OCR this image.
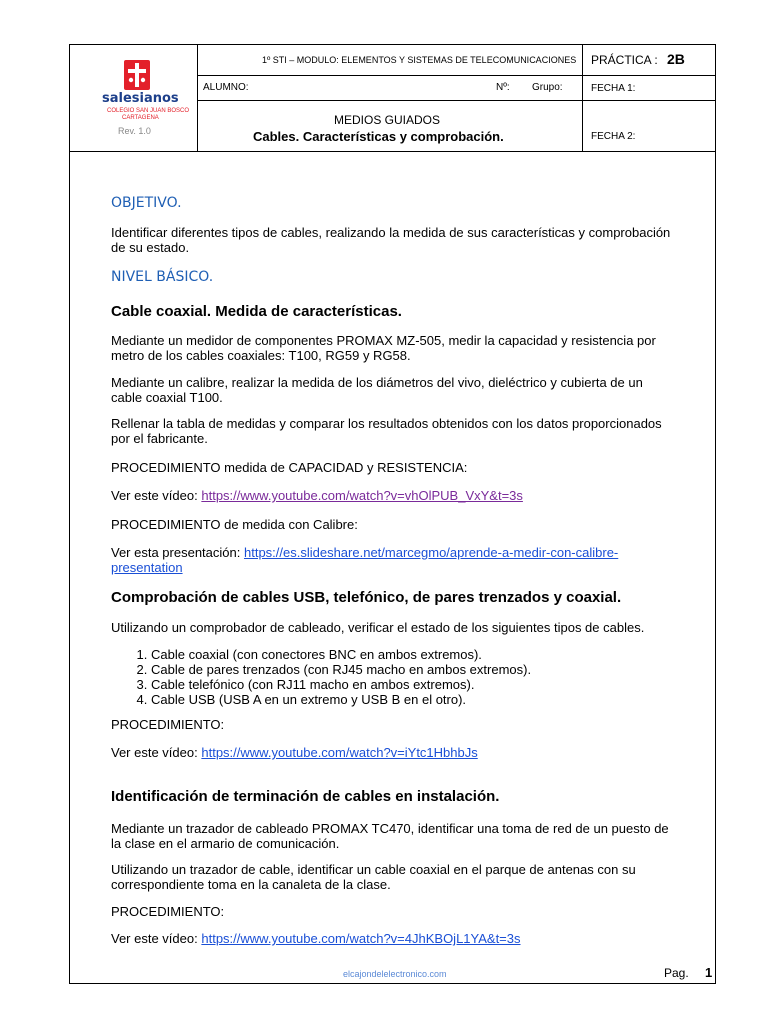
salesianos
COLEGIO SAN JUAN BOSCO
CARTAGENA
Rev. 1.0
1º STI – MODULO: ELEMENTOS Y SISTEMAS DE TELECOMUNICACIONES PRÁCTICA : 2B
ALUMNO:	Nº: Grupo:	FECHA 1:
MEDIOS GUIADOS
Cables. Características y comprobación.	FECHA 2:
OBJETIVO.
Identificar diferentes tipos de cables, realizando la medida de sus características y comprobación de su estado.
NIVEL BÁSICO.
Cable coaxial. Medida de características.
Mediante un medidor de componentes PROMAX MZ-505, medir la capacidad y resistencia por metro de los cables coaxiales: T100, RG59 y RG58.
Mediante un calibre, realizar la medida de los diámetros del vivo, dieléctrico y cubierta de un cable coaxial T100.
Rellenar la tabla de medidas y comparar los resultados obtenidos con los datos proporcionados por el fabricante.
PROCEDIMIENTO medida de CAPACIDAD y RESISTENCIA:
Ver este vídeo: https://www.youtube.com/watch?v=vhOlPUB_VxY&t=3s
PROCEDIMIENTO de medida con Calibre:
Ver esta presentación: https://es.slideshare.net/marcegmo/aprende-a-medir-con-calibre-
presentation
Comprobación de cables USB, telefónico, de pares trenzados y coaxial.
Utilizando un comprobador de cableado, verificar el estado de los siguientes tipos de cables.
1. Cable coaxial (con conectores BNC en ambos extremos).
2. Cable de pares trenzados (con RJ45 macho en ambos extremos).
3. Cable telefónico (con RJ11 macho en ambos extremos).
4. Cable USB (USB A en un extremo y USB B en el otro).
PROCEDIMIENTO:
Ver este vídeo: https://www.youtube.com/watch?v=iYtc1HbhbJs
Identificación de terminación de cables en instalación.
Mediante un trazador de cableado PROMAX TC470, identificar una toma de red de un puesto de la clase en el armario de comunicación.
Utilizando un trazador de cable, identificar un cable coaxial en el parque de antenas con su correspondiente toma en la canaleta de la clase.
PROCEDIMIENTO:
Ver este vídeo: https://www.youtube.com/watch?v=4JhKBOjL1YA&t=3s
elcajondelelectronico.com	Pag. 1
